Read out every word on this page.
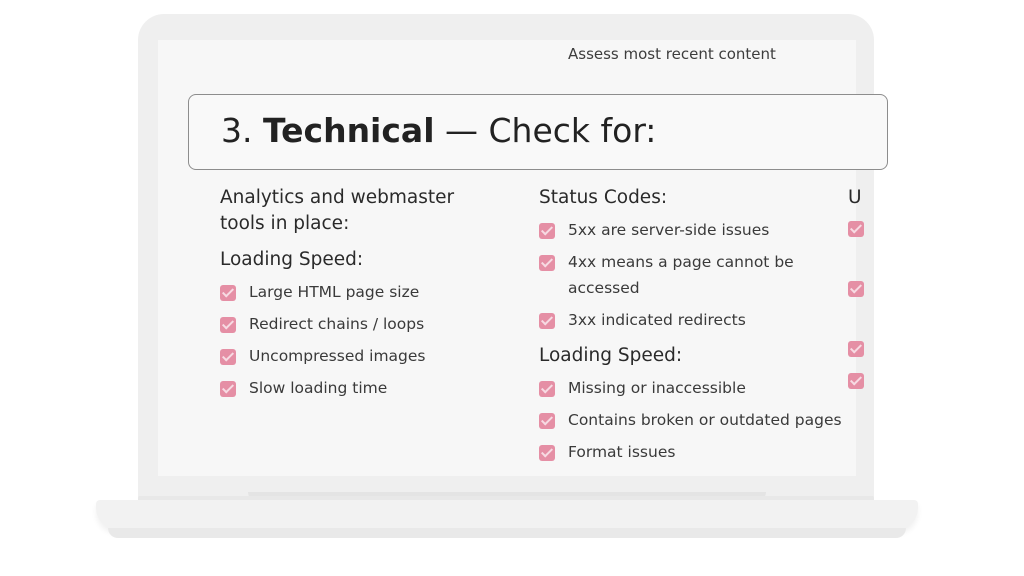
Assess most recent content
3. Technical — Check for:
Analytics and webmaster tools in place:
Loading Speed:
Large HTML page size
Redirect chains / loops
Uncompressed images
Slow loading time
Status Codes:
5xx are server-side issues
4xx means a page cannot be accessed
3xx indicated redirects
Loading Speed:
Missing or inaccessible
Contains broken or outdated pages
Format issues
U
